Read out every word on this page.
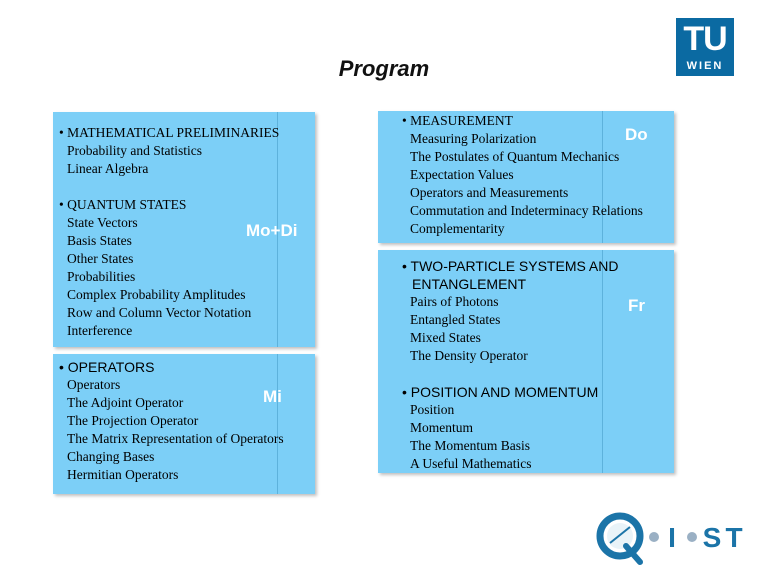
Program
TU
WIEN
Mo+Di
• MATHEMATICAL PRELIMINARIES
Probability and Statistics
Linear Algebra
• QUANTUM STATES
State Vectors
Basis States
Other States
Probabilities
Complex Probability Amplitudes
Row and Column Vector Notation
Interference
Mi
• OPERATORS
Operators
The Adjoint Operator
The Projection Operator
The Matrix Representation of Operators
Changing Bases
Hermitian Operators
Do
• MEASUREMENT
Measuring Polarization
The Postulates of Quantum Mechanics
Expectation Values
Operators and Measurements
Commutation and Indeterminacy Relations
Complementarity
Fr
• TWO-PARTICLE SYSTEMS AND
ENTANGLEMENT
Pairs of Photons
Entangled States
Mixed States
The Density Operator
• POSITION AND MOMENTUM
Position
Momentum
The Momentum Basis
A Useful Mathematics
I S T
